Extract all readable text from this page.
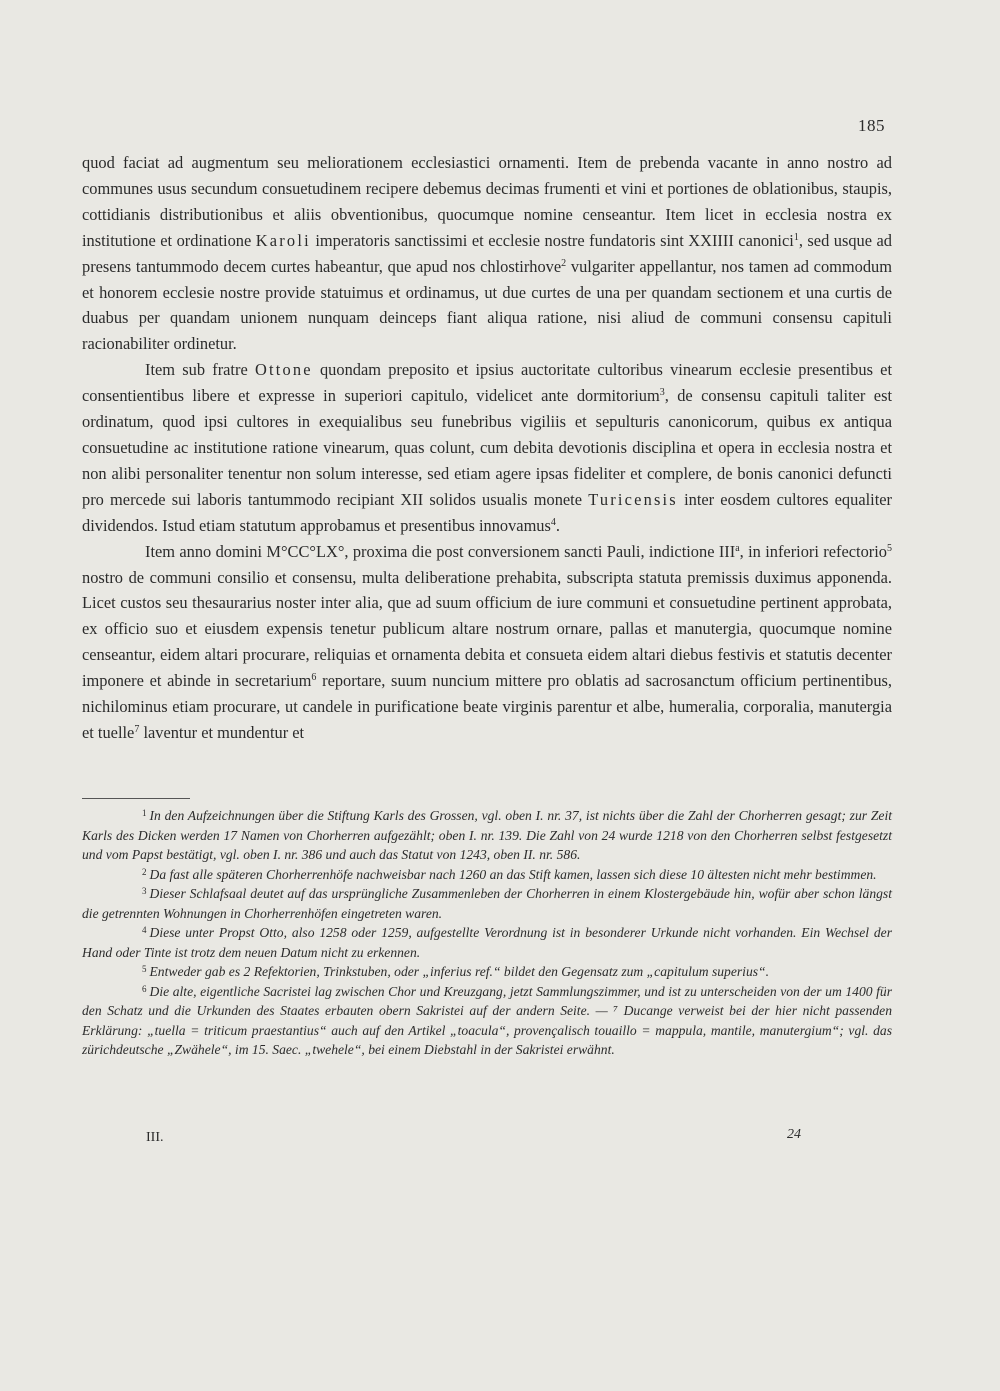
185

quod faciat ad augmentum seu meliorationem ecclesiastici ornamenti. Item de prebenda vacante in anno nostro ad communes usus secundum consuetudinem recipere debemus decimas frumenti et vini et portiones de oblationibus, staupis, cottidianis distributionibus et aliis obventionibus, quocumque nomine censeantur. Item licet in ecclesia nostra ex institutione et ordinatione Karoli imperatoris sanctissimi et ecclesie nostre fundatoris sint XXIIII canonici$^1$, sed usque ad presens tantummodo decem curtes habeantur, que apud nos chlostirhove$^2$ vulgariter appellantur, nos tamen ad commodum et honorem ecclesie nostre provide statuimus et ordinamus, ut due curtes de una per quandam sectionem et una curtis de duabus per quandam unionem nunquam deinceps fiant aliqua ratione, nisi aliud de communi consensu capituli racionabiliter ordinetur.

Item sub fratre Ottone quondam preposito et ipsius auctoritate cultoribus vinearum ecclesie presentibus et consentientibus libere et expresse in superiori capitulo, videlicet ante dormitorium$^3$, de consensu capituli taliter est ordinatum, quod ipsi cultores in exequialibus seu funebribus vigiliis et sepulturis canonicorum, quibus ex antiqua consuetudine ac institutione ratione vinearum, quas colunt, cum debita devotionis disciplina et opera in ecclesia nostra et non alibi personaliter tenentur non solum interesse, sed etiam agere ipsas fideliter et complere, de bonis canonici defuncti pro mercede sui laboris tantummodo recipiant XII solidos usualis monete Turicensis inter eosdem cultores equaliter dividendos. Istud etiam statutum approbamus et presentibus innovamus$^4$.

Item anno domini M°CC°LX°, proxima die post conversionem sancti Pauli, indictione III$^a$, in inferiori refectorio$^5$ nostro de communi consilio et consensu, multa deliberatione prehabita, subscripta statuta premissis duximus apponenda. Licet custos seu thesaurarius noster inter alia, que ad suum officium de iure communi et consuetudine pertinent approbata, ex officio suo et eiusdem expensis tenetur publicum altare nostrum ornare, pallas et manutergia, quocumque nomine censeantur, eidem altari procurare, reliquias et ornamenta debita et consueta eidem altari diebus festivis et statutis decenter imponere et abinde in secretarium$^6$ reportare, suum nuncium mittere pro oblatis ad sacrosanctum officium pertinentibus, nichilominus etiam procurare, ut candele in purificatione beate virginis parentur et albe, humeralia, corporalia, manutergia et tuelle$^7$ laventur et mundentur et

$^1$ In den Aufzeichnungen über die Stiftung Karls des Grossen, vgl. oben I. nr. 37, ist nichts über die Zahl der Chorherren gesagt; zur Zeit Karls des Dicken werden 17 Namen von Chorherren aufgezählt; oben I. nr. 139. Die Zahl von 24 wurde 1218 von den Chorherren selbst festgesetzt und vom Papst bestätigt, vgl. oben I. nr. 386 und auch das Statut von 1243, oben II. nr. 586.

$^2$ Da fast alle späteren Chorherrenhöfe nachweisbar nach 1260 an das Stift kamen, lassen sich diese 10 ältesten nicht mehr bestimmen.

$^3$ Dieser Schlafsaal deutet auf das ursprüngliche Zusammenleben der Chorherren in einem Klostergebäude hin, wofür aber schon längst die getrennten Wohnungen in Chorherrenhöfen eingetreten waren.

$^4$ Diese unter Propst Otto, also 1258 oder 1259, aufgestellte Verordnung ist in besonderer Urkunde nicht vorhanden. Ein Wechsel der Hand oder Tinte ist trotz dem neuen Datum nicht zu erkennen.

$^5$ Entweder gab es 2 Refektorien, Trinkstuben, oder „inferius ref.“ bildet den Gegensatz zum „capitulum superius“.

$^6$ Die alte, eigentliche Sacristei lag zwischen Chor und Kreuzgang, jetzt Sammlungszimmer, und ist zu unterscheiden von der um 1400 für den Schatz und die Urkunden des Staates erbauten obern Sakristei auf der andern Seite. — ⁷ Ducange verweist bei der hier nicht passenden Erklärung: „tuella = triticum praestantius“ auch auf den Artikel „toacula“, provençalisch touaillo = mappula, mantile, manutergium“; vgl. das zürichdeutsche „Zwähele“, im 15. Saec. „twehele“, bei einem Diebstahl in der Sakristei erwähnt.

III.	24
